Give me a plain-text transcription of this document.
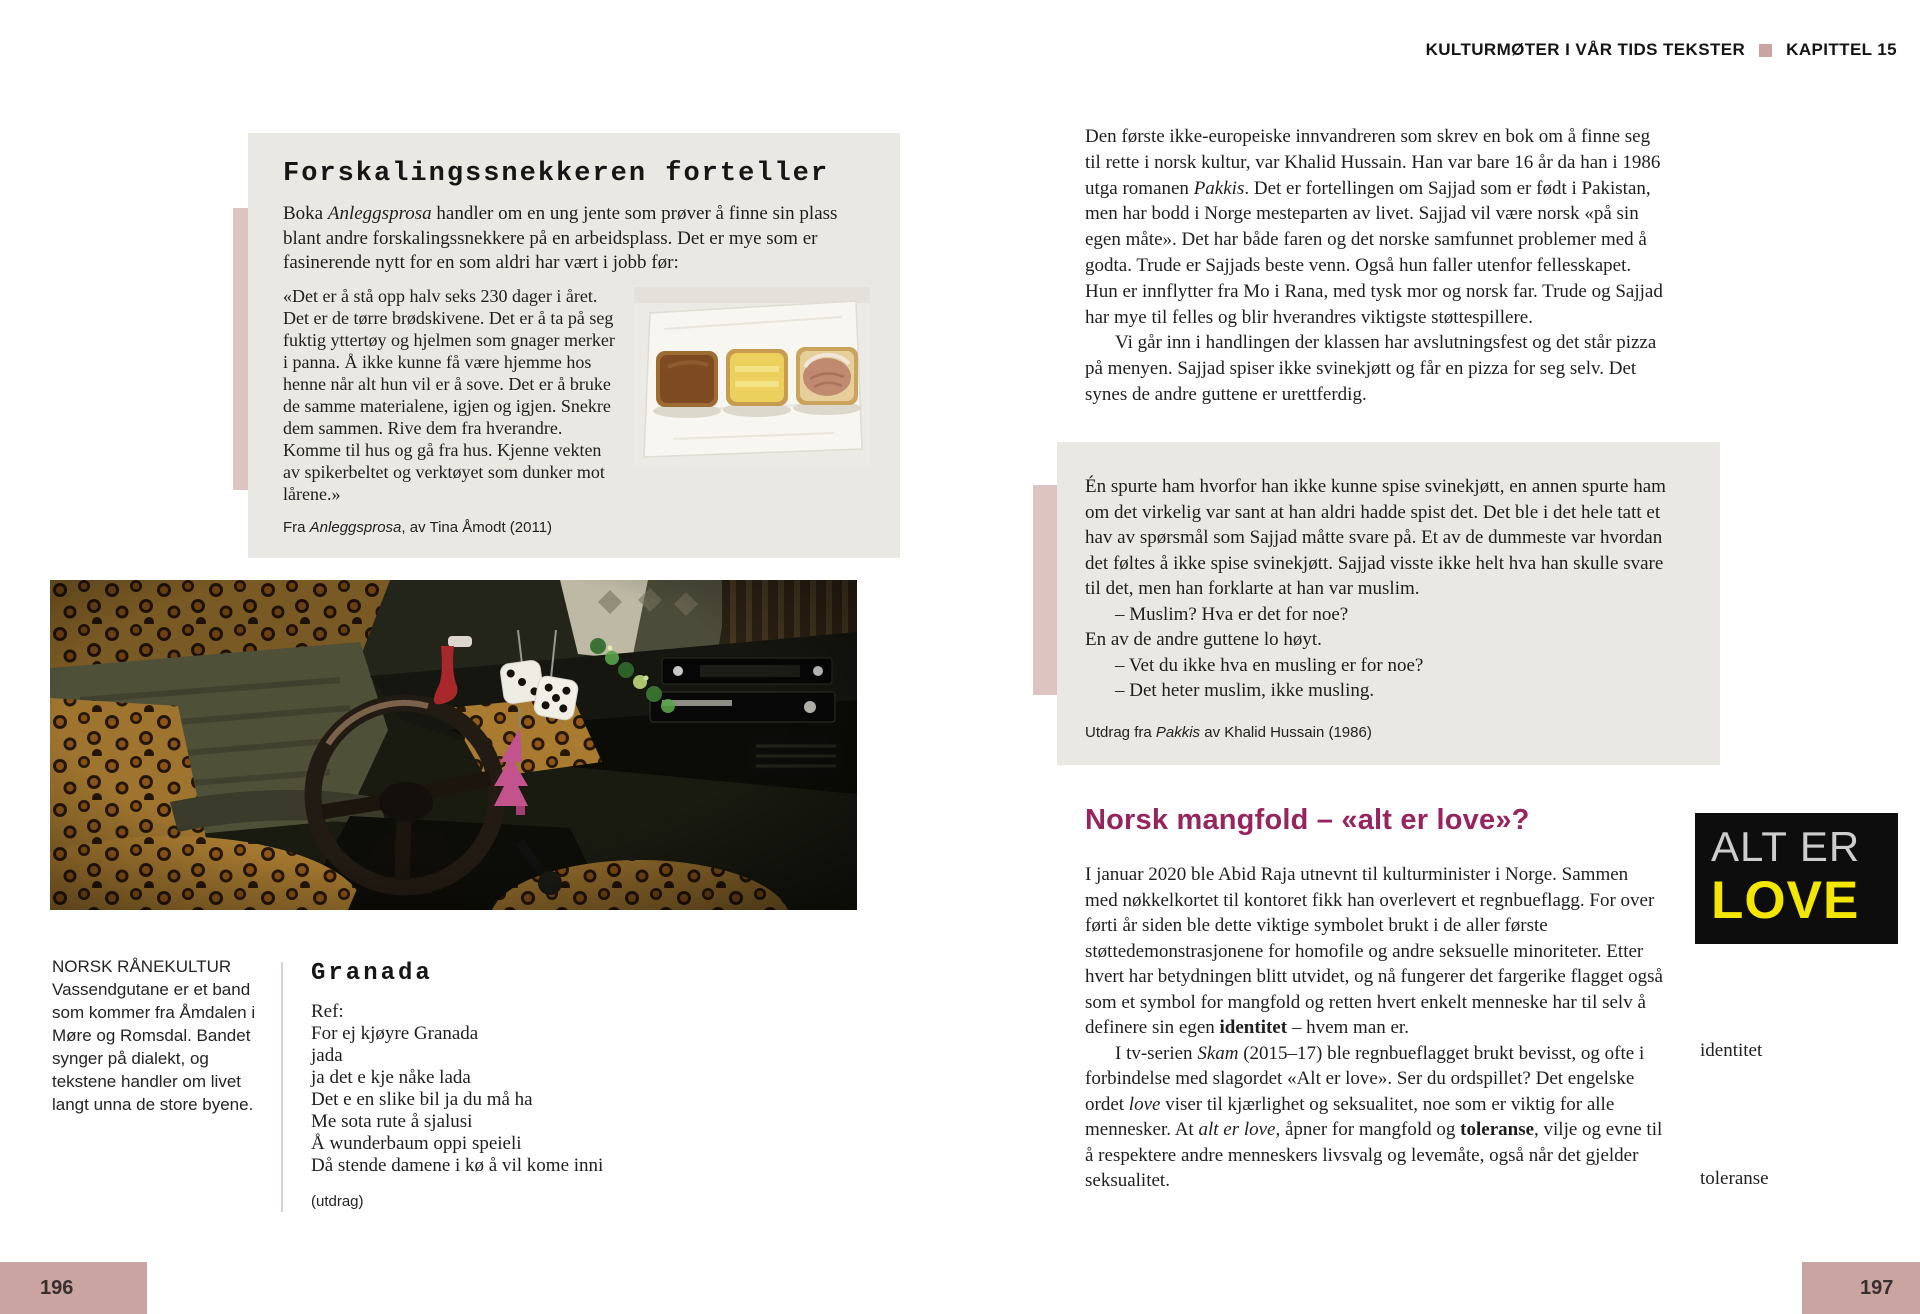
KULTURMØTER I VÅR TIDS TEKSTER KAPITTEL 15
Forskalingssnekkeren forteller

Boka Anleggsprosa handler om en ung jente som prøver å finne sin plass blant andre forskalingssnekkere på en arbeidsplass. Det er mye som er fasinerende nytt for en som aldri har vært i jobb før:

«Det er å stå opp halv seks 230 dager i året. Det er de tørre brødskivene. Det er å ta på seg fuktig yttertøy og hjelmen som gnager merker i panna. Å ikke kunne få være hjemme hos henne når alt hun vil er å sove. Det er å bruke de samme materialene, igjen og igjen. Snekre dem sammen. Rive dem fra hverandre. Komme til hus og gå fra hus. Kjenne vekten av spikerbeltet og verktøyet som dunker mot lårene.»

Fra Anleggsprosa, av Tina Åmodt (2011)

NORSK RÅNEKULTUR

Vassendgutane er et band som kommer fra Åmdalen i Møre og Romsdal. Bandet synger på dialekt, og tekstene handler om livet langt unna de store byene.

Granada

Ref:

For ej kjøyre Granada

jada

ja det e kje nåke lada

Det e en slike bil ja du må ha

Me sota rute å sjalusi

Å wunderbaum oppi speieli

Då stende damene i kø å vil kome inni

(utdrag)

196

Den første ikke-europeiske innvandreren som skrev en bok om å finne seg til rette i norsk kultur, var Khalid Hussain. Han var bare 16 år da han i 1986 utga romanen Pakkis. Det er fortellingen om Sajjad som er født i Pakistan, men har bodd i Norge mesteparten av livet. Sajjad vil være norsk «på sin egen måte». Det har både faren og det norske samfunnet problemer med å godta. Trude er Sajjads beste venn. Også hun faller utenfor fellesskapet. Hun er innflytter fra Mo i Rana, med tysk mor og norsk far. Trude og Sajjad har mye til felles og blir hverandres viktigste støttespillere.

Vi går inn i handlingen der klassen har avslutningsfest og det står pizza på menyen. Sajjad spiser ikke svinekjøtt og får en pizza for seg selv. Det synes de andre guttene er urettferdig.

Én spurte ham hvorfor han ikke kunne spise svinekjøtt, en annen spurte ham om det virkelig var sant at han aldri hadde spist det. Det ble i det hele tatt et hav av spørsmål som Sajjad måtte svare på. Et av de dummeste var hvordan det føltes å ikke spise svinekjøtt. Sajjad visste ikke helt hva han skulle svare til det, men han forklarte at han var muslim.

– Muslim? Hva er det for noe?

En av de andre guttene lo høyt.

– Vet du ikke hva en musling er for noe?

– Det heter muslim, ikke musling.

Utdrag fra Pakkis av Khalid Hussain (1986)

Norsk mangfold – «alt er love»?

I januar 2020 ble Abid Raja utnevnt til kulturminister i Norge. Sammen med nøkkelkortet til kontoret fikk han overlevert et regnbueflagg. For over førti år siden ble dette viktige symbolet brukt i de aller første støttedemonstrasjonene for homofile og andre seksuelle minoriteter. Etter hvert har betydningen blitt utvidet, og nå fungerer det fargerike flagget også som et symbol for mangfold og retten hvert enkelt menneske har til selv å definere sin egen identitet – hvem man er.

I tv-serien Skam (2015–17) ble regnbueflagget brukt bevisst, og ofte i forbindelse med slagordet «Alt er love». Ser du ordspillet? Det engelske ordet love viser til kjærlighet og seksualitet, noe som er viktig for alle mennesker. At alt er love, åpner for mangfold og toleranse, vilje og evne til å respektere andre menneskers livsvalg og levemåte, også når det gjelder seksualitet.

identitet
toleranse
ALT ER
LOVE
197
